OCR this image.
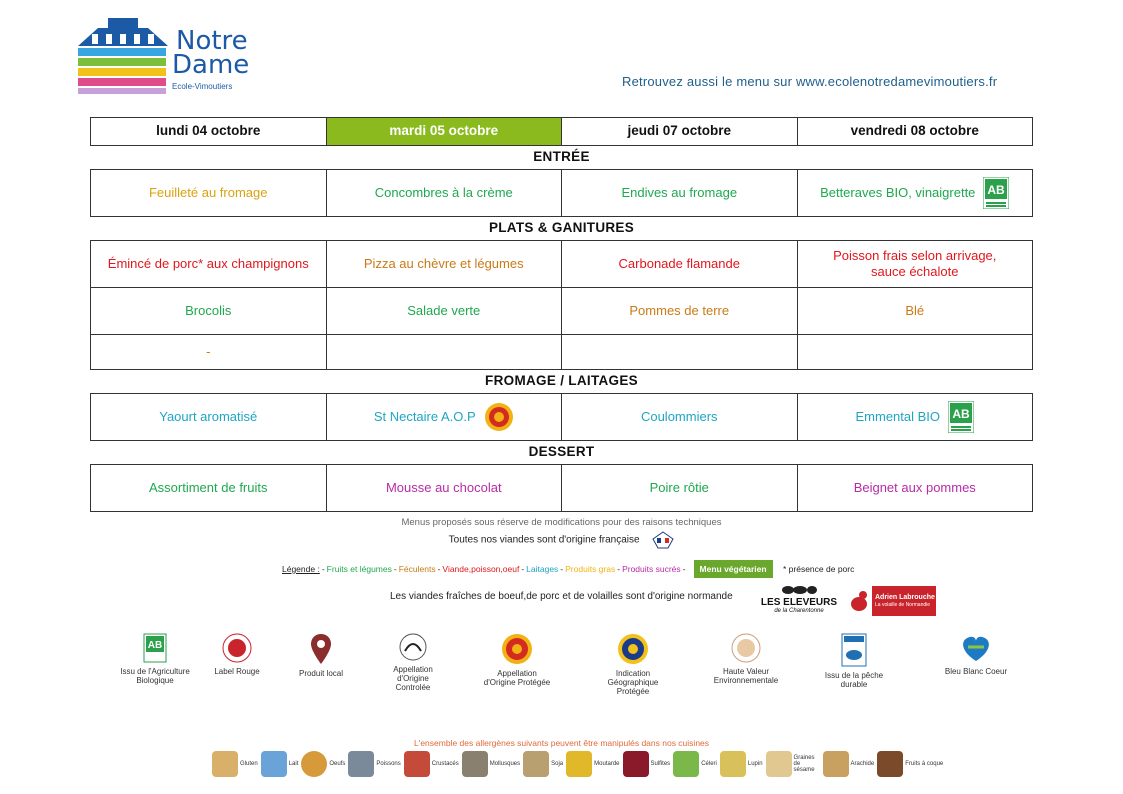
Notre
Dame
Ecole-Vimoutiers	Retrouvez aussi le menu sur www.ecolenotredamevimoutiers.fr
lundi 04 octobre	mardi 05 octobre	jeudi 07 octobre	vendredi 08 octobre
ENTRÉE			
Feuilleté au fromage	Concombres à la crème	Endives au fromage	Betteraves BIO, vinaigrette AB

PLATS & GANITURES			
Émincé de porc* aux champignons	Pizza au chèvre et légumes	Carbonade flamande	Poisson frais selon arrivage, sauce échalote

Brocolis	Salade verte	Pommes de terre	Blé
-			
FROMAGE / LAITAGES			
Yaourt aromatisé	St Nectaire A.O.P	Coulommiers	Emmental BIO AB

DESSERT			
Assortiment de fruits	Mousse au chocolat	Poire rôtie	Beignet aux pommes
Menus proposés sous réserve de modifications pour des raisons techniques
Toutes nos viandes sont d'origine française
Légende : - Fruits et légumes - Féculents - Viande,poisson,oeuf - Laitages - Produits gras - Produits sucrés -	Menu végétarien	* présence de porc
Les viandes fraîches de boeuf,de porc et de volailles sont d'origine normande
LES ELEVEURS
de la Charentonne
Adrien Labrouche
La volaille de Normandie
AB
Issu de l'Agriculture Biologique
Label Rouge	Produit local	Appellation d'Origine Controlée
Appellation d'Origine Protégée
Indication Géographique Protégée
Haute Valeur Environnementale
Issu de la pêche durable
Bleu Blanc Coeur
L'ensemble des allergènes suivants peuvent être manipulés dans nos cuisines
Gluten	Lait	Oeufs	Poissons	Crustacés	Mollusques	Soja	Moutarde	Sulfites	Céleri	Lupin
Graines de sésame
Arachide	Fruits à coque
